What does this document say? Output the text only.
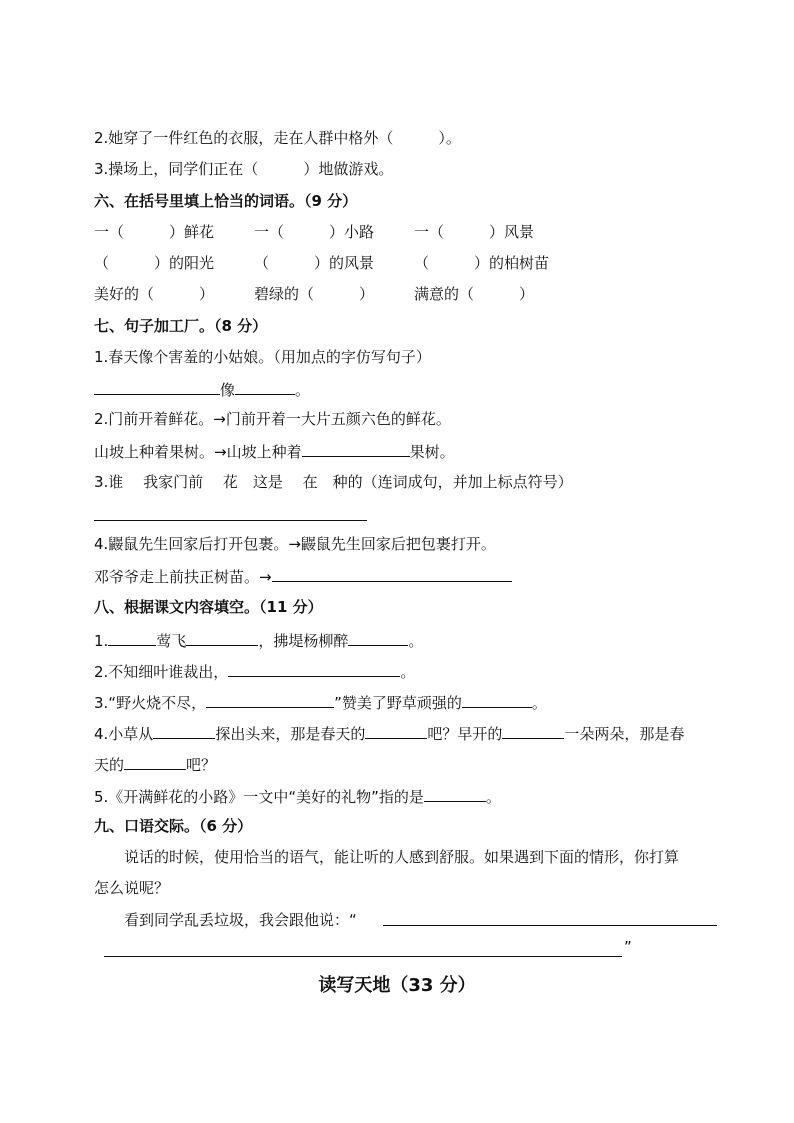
2.她穿了一件红色的衣服，走在人群中格外（　　　）。
3.操场上，同学们正在（　　　）地做游戏。
六、在括号里填上恰当的词语。（9 分）
一（　　　）鲜花	一（　　　）小路	一（　　　）风景
（　　　）的阳光	（　　　）的风景	（　　　）的柏树苗
美好的（　　　）	碧绿的（　　　）	满意的（　　　）
七、句子加工厂。（8 分）
1.春天像个害羞的小姑娘。（用加点的字仿写句子）
像	。
2.门前开着鲜花。→门前开着一大片五颜六色的鲜花。
山坡上种着果树。→山坡上种着	果树。
3.谁　 我家门前　 花　这是　 在　种的（连词成句，并加上标点符号）
4.鼹鼠先生回家后打开包裹。→鼹鼠先生回家后把包裹打开。
邓爷爷走上前扶正树苗。→
八、根据课文内容填空。（11 分）
1.	莺飞	，拂堤杨柳醉	。
2.不知细叶谁裁出，	。
3.“野火烧不尽，	”赞美了野草顽强的	。
4.小草从	探出头来，那是春天的	吧？早开的	一朵两朵，那是春
天的	吧？
5.《开满鲜花的小路》一文中“美好的礼物”指的是	。
九、口语交际。（6 分）
说话的时候，使用恰当的语气，能让听的人感到舒服。如果遇到下面的情形，你打算
怎么说呢？
看到同学乱丢垃圾，我会跟他说：“
”
读写天地（33 分）
